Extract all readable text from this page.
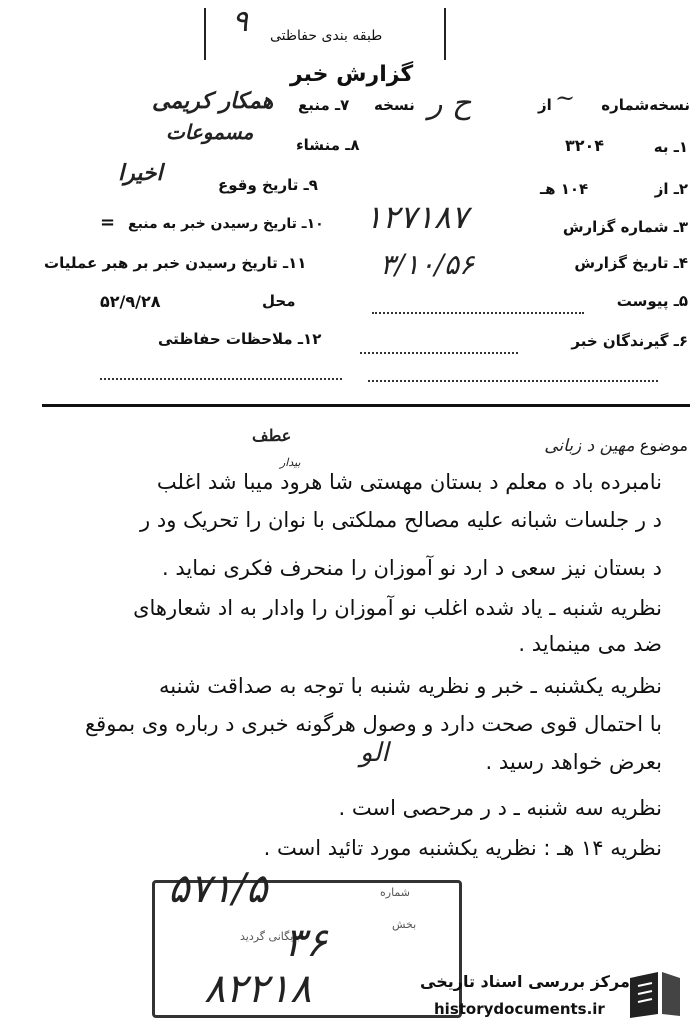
طبقه بندی حفاظتی
۹
گزارش خبر
نسخه‌شماره
از
نسخه ح ر	~
۱ـ به
۳۲۰۴
۲ـ از
۱۰۴ هـ
۳ـ شماره گزارش
۱۲۷۱۸۷
۴ـ تاریخ گزارش
۳/۱۰/۵۶
۵ـ پیوست
۶ـ گیرندگان خبر
۷ـ منبع
همکار کریمی
۸ـ منشاء
مسموعات
۹ـ تاریخ وقوع
اخیرا
۱۰ـ تاریخ رسیدن خبر به منبع
=
۱۱ـ تاریخ رسیدن خبر بر هبر عملیات
محل
۵۲/۹/۲۸
۱۲ـ ملاحظات حفاظتی
عطف
موضوع مهین د زبانی
بیدار
نامبرده باد ه معلم د بستان مهستی شا هرود میبا شد اغلب
د ر جلسات شبانه علیه مصالح مملکتی با نوان را تحریک ود ر
د بستان نیز سعی د ارد نو آموزان را منحرف فکری نماید .
نظریه شنبه ـ یاد شده اغلب نو آموزان را وادار به اد شعارهای
ضد می مینماید .
نظریه یکشنبه ـ خبر و نظریه شنبه با توجه به صداقت شنبه
با احتمال قوی صحت دارد و وصول هرگونه خبری د رباره وی بموقع
بعرض خواهد رسید .
الو
نظریه سه شنبه ـ د ر مرحصی است .
نظریه ۱۴ هـ : نظریه یکشنبه مورد تائید است .
شماره
بخش
بایگانی گردید
۵۷۱/۵
۳۶
۸۲۲۱۸	مرکز بررسی اسناد تاریخی
historydocuments.ir
